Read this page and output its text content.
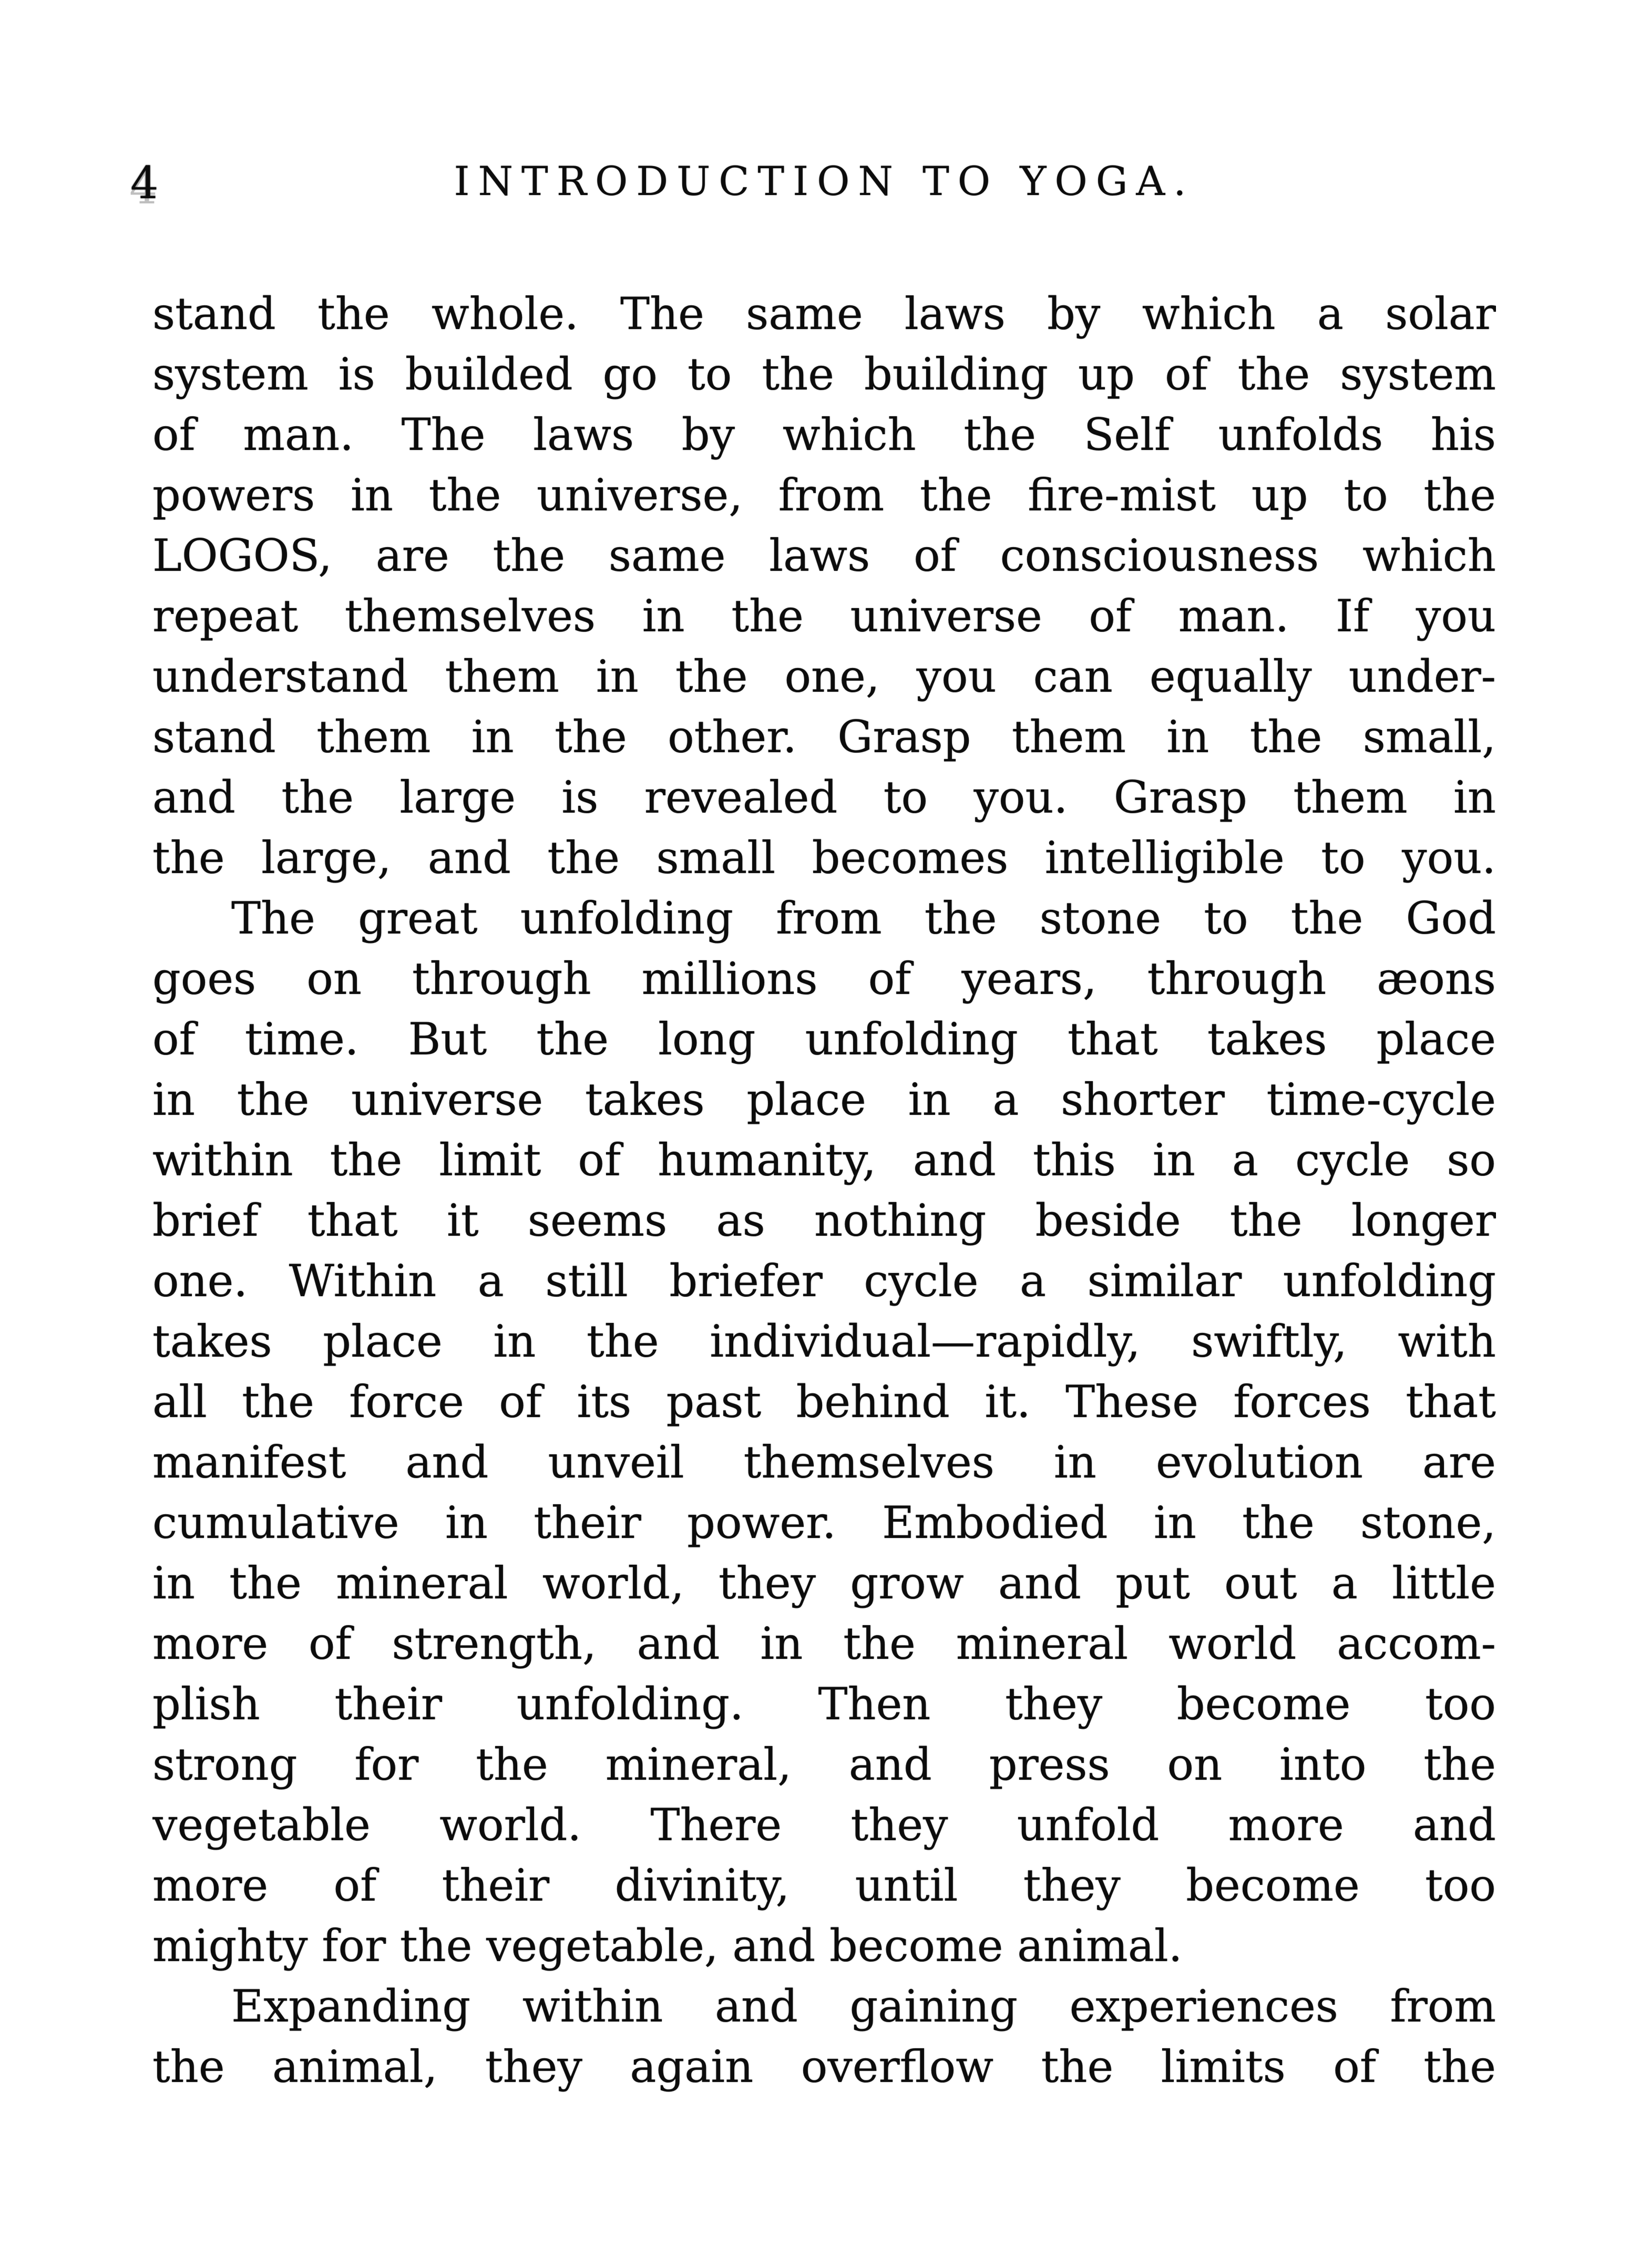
4	INTRODUCTION TO YOGA.
stand the whole. The same laws by which a solar
system is builded go to the building up of the system
of man. The laws by which the Self unfolds his
powers in the universe, from the fire-mist up to the
LOGOS, are the same laws of consciousness which
repeat themselves in the universe of man. If you
understand them in the one, you can equally under-
stand them in the other. Grasp them in the small,
and the large is revealed to you. Grasp them in
the large, and the small becomes intelligible to you.
The great unfolding from the stone to the God
goes on through millions of years, through æons
of time. But the long unfolding that takes place
in the universe takes place in a shorter time-cycle
within the limit of humanity, and this in a cycle so
brief that it seems as nothing beside the longer
one. Within a still briefer cycle a similar unfolding
takes place in the individual—rapidly, swiftly, with
all the force of its past behind it. These forces that
manifest and unveil themselves in evolution are
cumulative in their power. Embodied in the stone,
in the mineral world, they grow and put out a little
more of strength, and in the mineral world accom-
plish their unfolding. Then they become too
strong for the mineral, and press on into the
vegetable world. There they unfold more and
more of their divinity, until they become too
mighty for the vegetable, and become animal.
Expanding within and gaining experiences from
the animal, they again overflow the limits of the
